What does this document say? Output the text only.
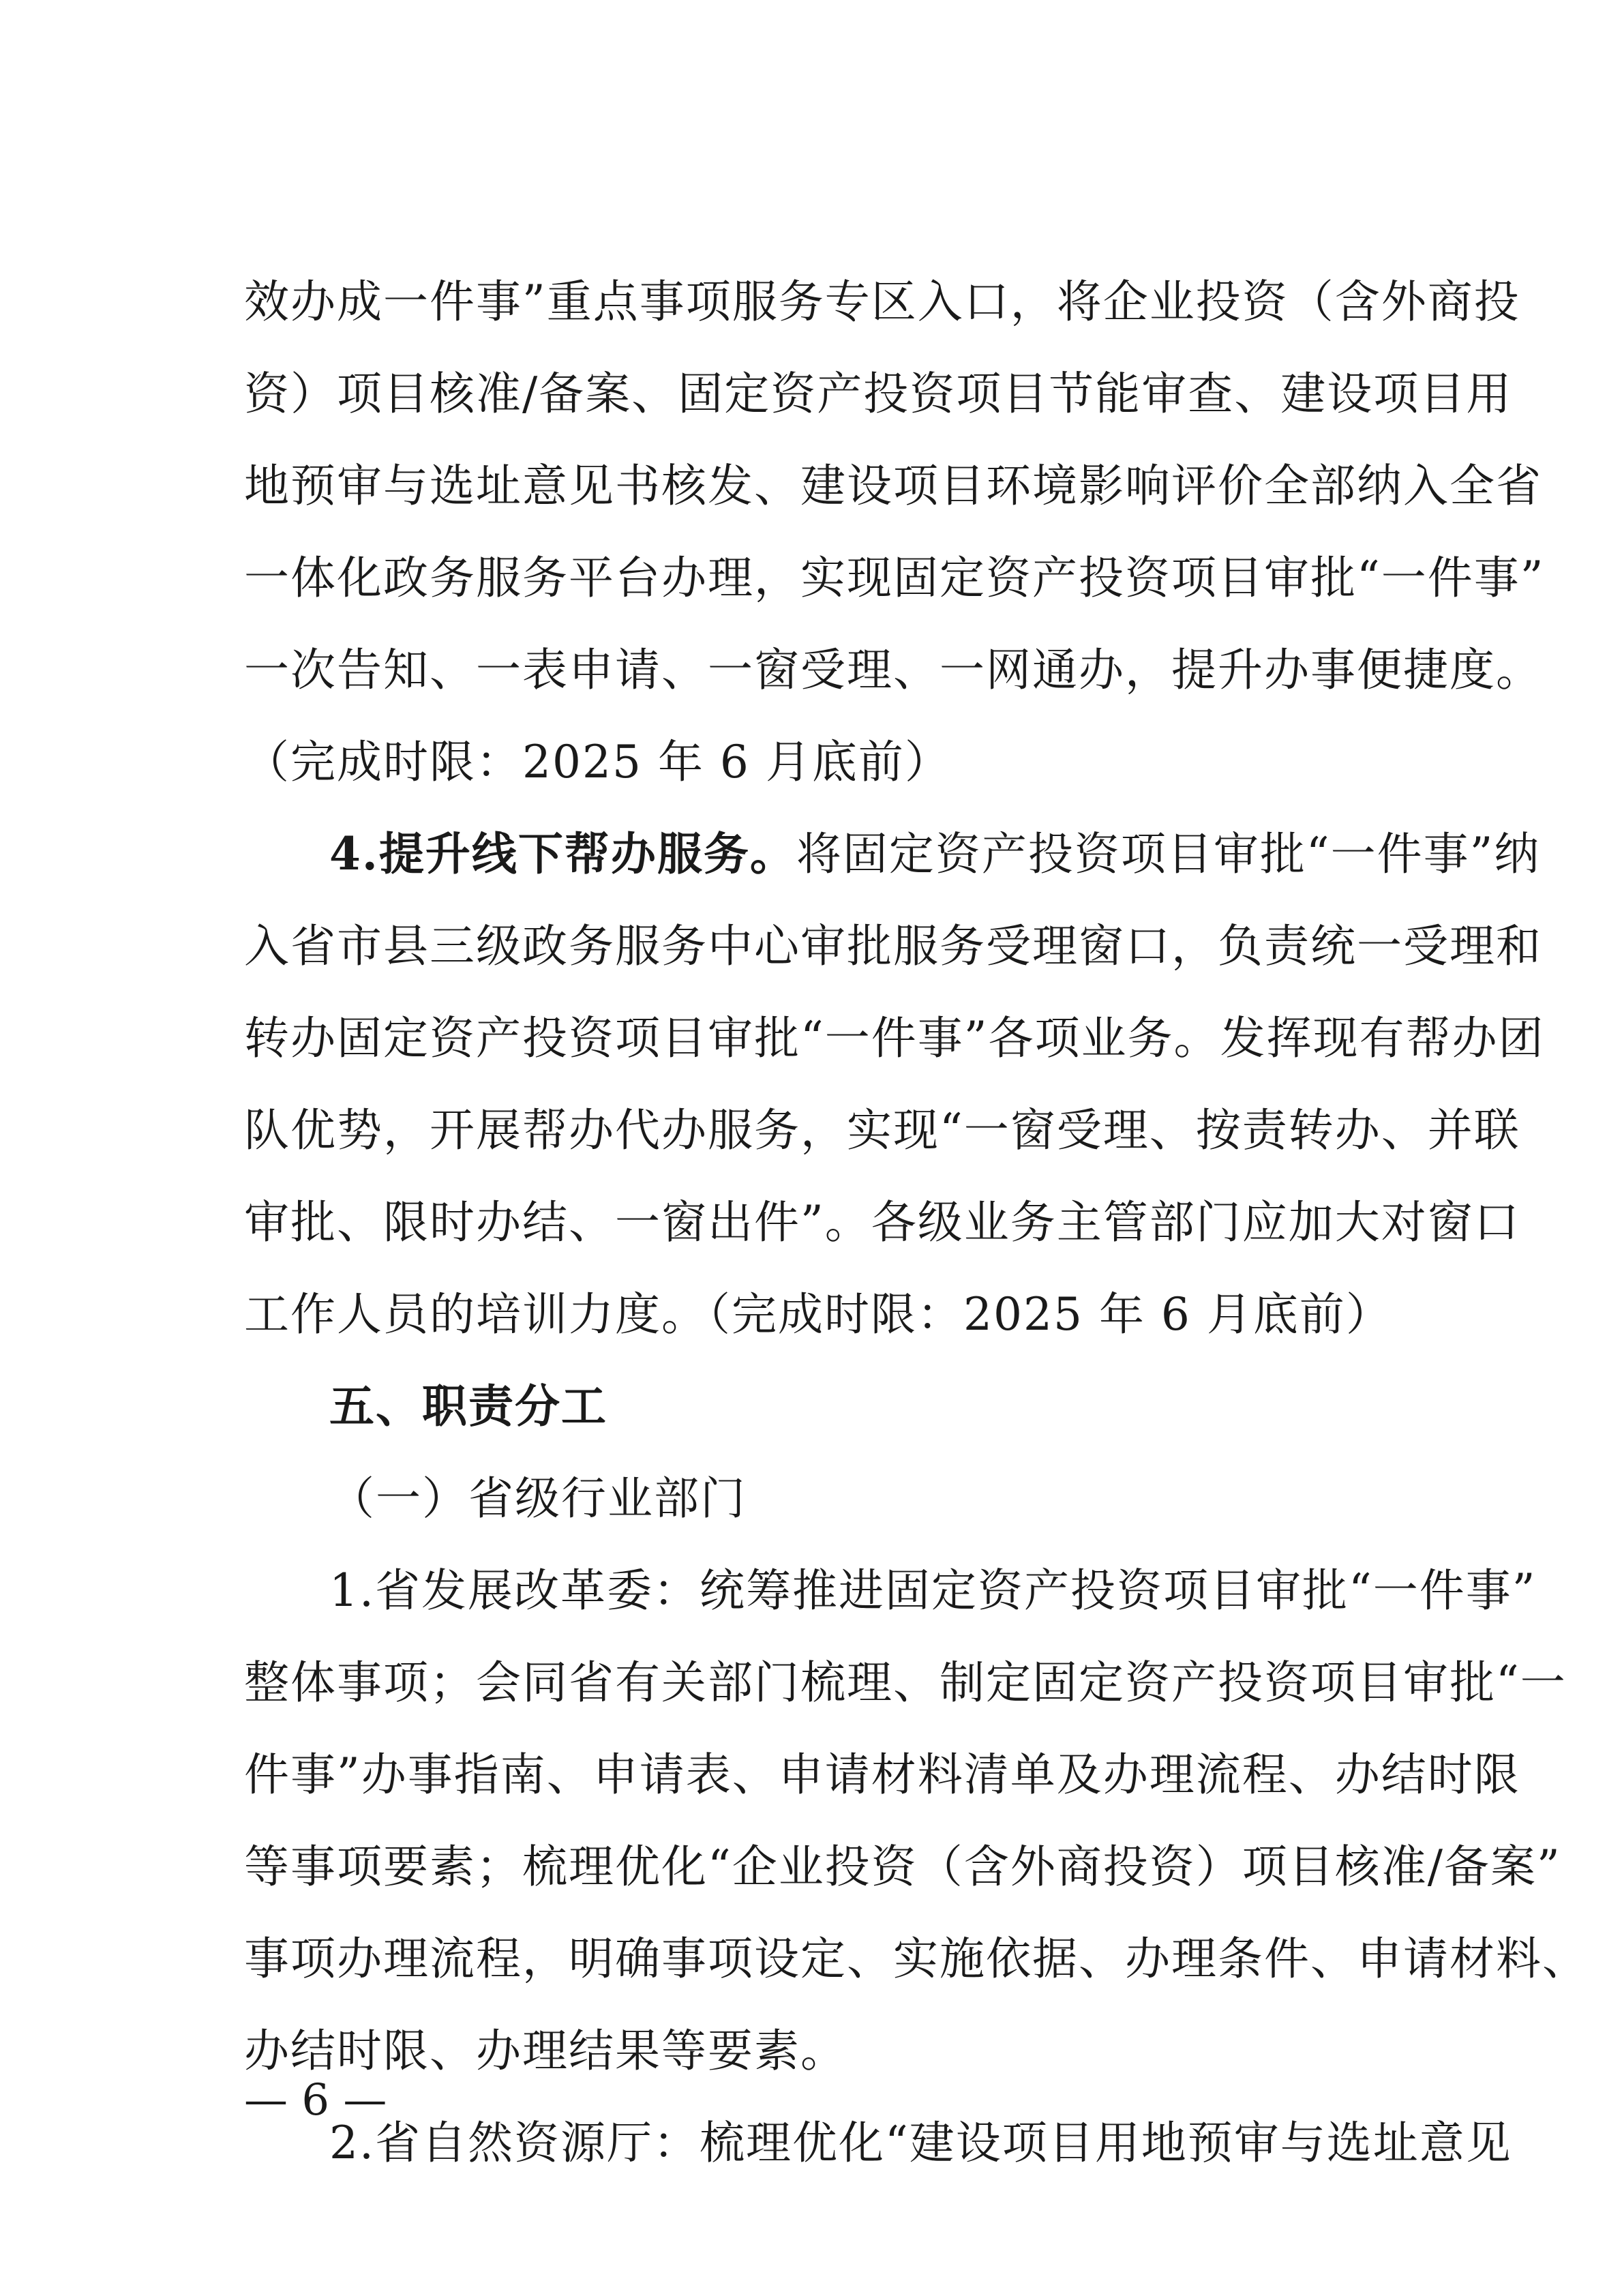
效办成一件事”重点事项服务专区入口，将企业投资（含外商投
资）项目核准/备案、固定资产投资项目节能审查、建设项目用
地预审与选址意见书核发、建设项目环境影响评价全部纳入全省
一体化政务服务平台办理，实现固定资产投资项目审批“一件事”
一次告知、一表申请、一窗受理、一网通办，提升办事便捷度。
（完成时限：2025 年 6 月底前）
4.提升线下帮办服务。将固定资产投资项目审批“一件事”纳
入省市县三级政务服务中心审批服务受理窗口，负责统一受理和
转办固定资产投资项目审批“一件事”各项业务。发挥现有帮办团
队优势，开展帮办代办服务，实现“一窗受理、按责转办、并联
审批、限时办结、一窗出件”。各级业务主管部门应加大对窗口
工作人员的培训力度。（完成时限：2025 年 6 月底前）
五、职责分工
（一）省级行业部门
1.省发展改革委：统筹推进固定资产投资项目审批“一件事”
整体事项；会同省有关部门梳理、制定固定资产投资项目审批“一
件事”办事指南、申请表、申请材料清单及办理流程、办结时限
等事项要素；梳理优化“企业投资（含外商投资）项目核准/备案”
事项办理流程，明确事项设定、实施依据、办理条件、申请材料、
办结时限、办理结果等要素。
2.省自然资源厅：梳理优化“建设项目用地预审与选址意见
— 6 —
